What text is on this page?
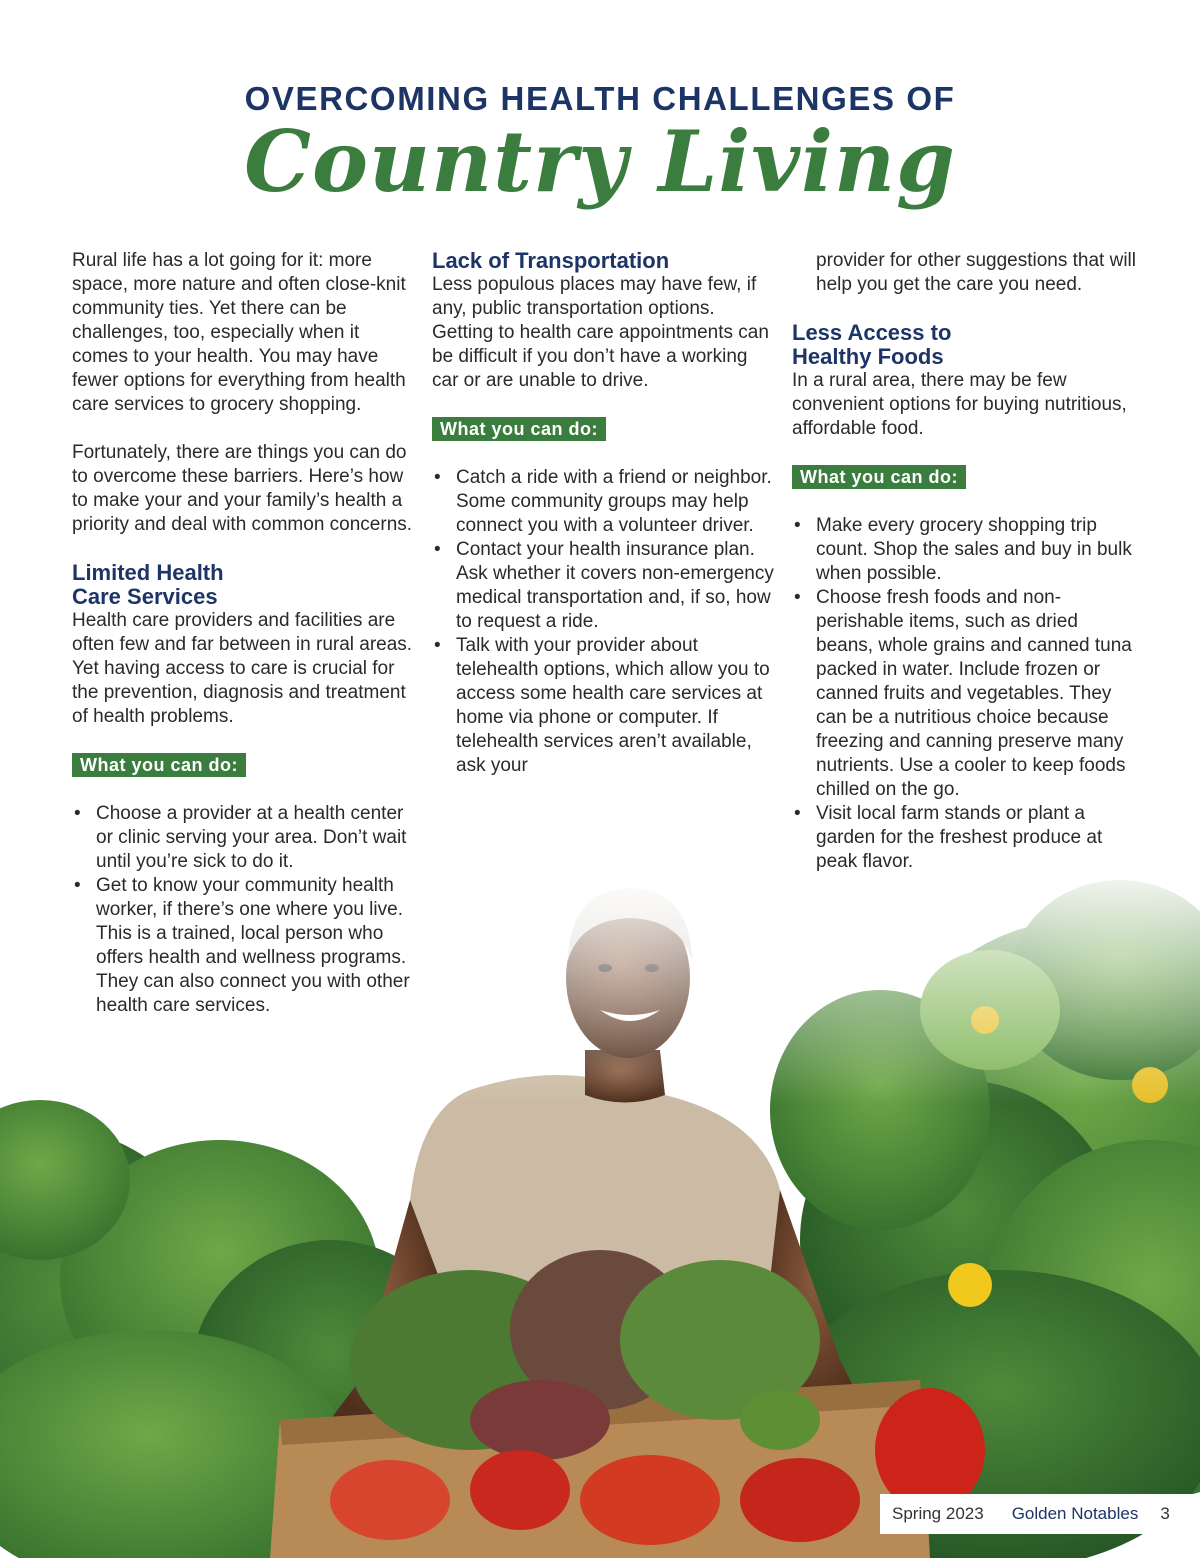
OVERCOMING HEALTH CHALLENGES OF
Country Living

Rural life has a lot going for it: more space, more nature and often close-knit community ties. Yet there can be challenges, too, especially when it comes to your health. You may have fewer options for everything from health care services to grocery shopping.

Fortunately, there are things you can do to overcome these barriers. Here’s how to make your and your family’s health a priority and deal with common concerns.

Limited Health
Care Services

Health care providers and facilities are often few and far between in rural areas. Yet having access to care is crucial for the prevention, diagnosis and treatment of health problems.

What you can do:
• Choose a provider at a health center or clinic serving your area. Don’t wait until you’re sick to do it.
• Get to know your community health worker, if there’s one where you live. This is a trained, local person who offers health and wellness programs. They can also connect you with other health care services.
Lack of Transportation

Less populous places may have few, if any, public transportation options. Getting to health care appointments can be difficult if you don’t have a working car or are unable to drive.

What you can do:
• Catch a ride with a friend or neighbor. Some community groups may help connect you with a volunteer driver.
• Contact your health insurance plan. Ask whether it covers non-emergency medical transportation and, if so, how to request a ride.
• Talk with your provider about telehealth options, which allow you to access some health care services at home via phone or computer. If telehealth services aren’t available, ask your

provider for other suggestions that will help you get the care you need.

Less Access to
Healthy Foods

In a rural area, there may be few convenient options for buying nutritious, affordable food.

What you can do:
• Make every grocery shopping trip count. Shop the sales and buy in bulk when possible.
• Choose fresh foods and non-perishable items, such as dried beans, whole grains and canned tuna packed in water. Include frozen or canned fruits and vegetables. They can be a nutritious choice because freezing and canning preserve many nutrients. Use a cooler to keep foods chilled on the go.
• Visit local farm stands or plant a garden for the freshest produce at peak flavor.
Spring 2023 Golden Notables 3
